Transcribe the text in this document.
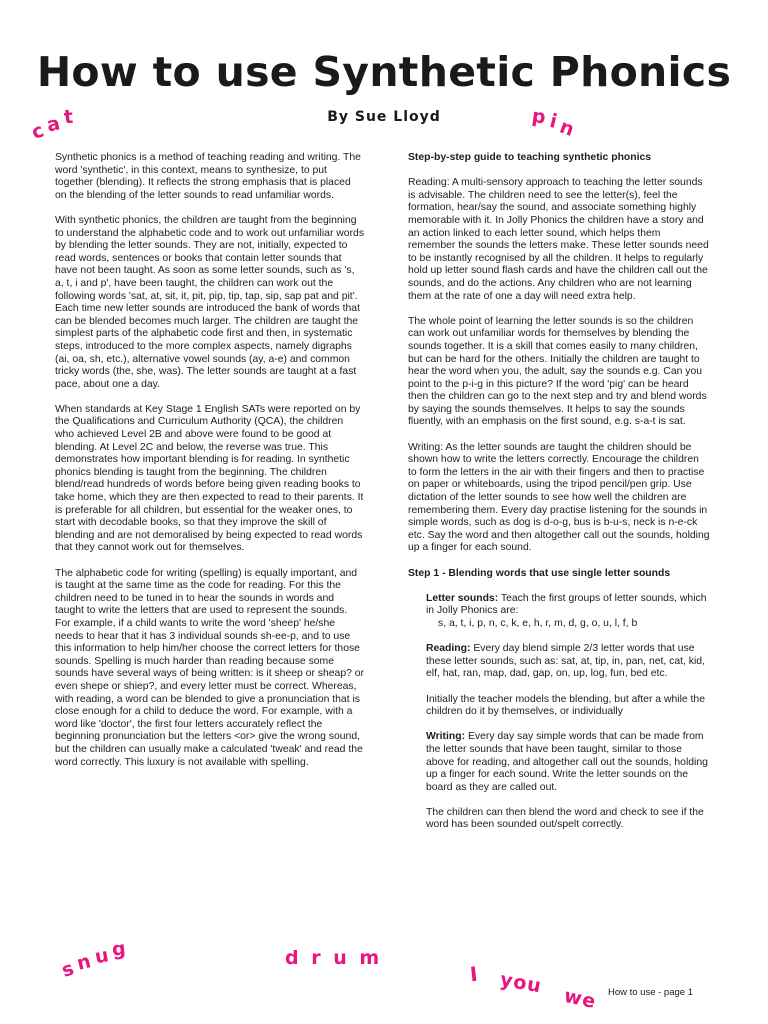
How to use Synthetic Phonics
By Sue Lloyd
cat	pin
snug	d r u m
I you
we

Synthetic phonics is a method of teaching reading and writing. The word 'synthetic', in this context, means to synthesize, to put together (blending). It reflects the strong emphasis that is placed on the blending of the letter sounds to read unfamiliar words.

With synthetic phonics, the children are taught from the beginning to understand the alphabetic code and to work out unfamiliar words by blending the letter sounds. They are not, initially, expected to read words, sentences or books that contain letter sounds that have not been taught. As soon as some letter sounds, such as 's, a, t, i and p', have been taught, the children can work out the following words 'sat, at, sit, it, pit, pip, tip, tap, sip, sap pat and pit'. Each time new letter sounds are introduced the bank of words that can be blended becomes much larger. The children are taught the simplest parts of the alphabetic code first and then, in systematic steps, introduced to the more complex aspects, namely digraphs (ai, oa, sh, etc.), alternative vowel sounds (ay, a-e) and common tricky words (the, she, was). The letter sounds are taught at a fast pace, about one a day.

When standards at Key Stage 1 English SATs were reported on by the Qualifications and Curriculum Authority (QCA), the children who achieved Level 2B and above were found to be good at blending. At Level 2C and below, the reverse was true. This demonstrates how important blending is for reading. In synthetic phonics blending is taught from the beginning. The children blend/read hundreds of words before being given reading books to take home, which they are then expected to read to their parents. It is preferable for all children, but essential for the weaker ones, to start with decodable books, so that they improve the skill of blending and are not demoralised by being expected to read words that they cannot work out for themselves.

The alphabetic code for writing (spelling) is equally important, and is taught at the same time as the code for reading. For this the children need to be tuned in to hear the sounds in words and taught to write the letters that are used to represent the sounds. For example, if a child wants to write the word 'sheep' he/she needs to hear that it has 3 individual sounds sh-ee-p, and to use this information to help him/her choose the correct letters for those sounds. Spelling is much harder than reading because some sounds have several ways of being written: is it sheep or sheap? or even shepe or shiep?, and every letter must be correct. Whereas, with reading, a word can be blended to give a pronunciation that is close enough for a child to deduce the word. For example, with a word like 'doctor', the first four letters accurately reflect the beginning pronunciation but the letters <or> give the wrong sound, but the children can usually make a calculated 'tweak' and read the word correctly. This luxury is not available with spelling.

Step-by-step guide to teaching synthetic phonics

Reading: A multi-sensory approach to teaching the letter sounds is advisable. The children need to see the letter(s), feel the formation, hear/say the sound, and associate something highly memorable with it. In Jolly Phonics the children have a story and an action linked to each letter sound, which helps them remember the sounds the letters make. These letter sounds need to be instantly recognised by all the children. It helps to regularly hold up letter sound flash cards and have the children call out the sounds, and do the actions. Any children who are not learning them at the rate of one a day will need extra help.

The whole point of learning the letter sounds is so the children can work out unfamiliar words for themselves by blending the sounds together. It is a skill that comes easily to many children, but can be hard for the others. Initially the children are taught to hear the word when you, the adult, say the sounds e.g. Can you point to the p-i-g in this picture? If the word 'pig' can be heard then the children can go to the next step and try and blend words by saying the sounds themselves. It helps to say the sounds fluently, with an emphasis on the first sound, e.g. s-a-t is sat.

Writing: As the letter sounds are taught the children should be shown how to write the letters correctly. Encourage the children to form the letters in the air with their fingers and then to practise on paper or whiteboards, using the tripod pencil/pen grip. Use dictation of the letter sounds to see how well the children are remembering them. Every day practise listening for the sounds in simple words, such as dog is d-o-g, bus is b-u-s, neck is n-e-ck etc. Say the word and then altogether call out the sounds, holding up a finger for each sound.

Step 1 - Blending words that use single letter sounds

Letter sounds: Teach the first groups of letter sounds, which in Jolly Phonics are:
s, a, t, i, p, n, c, k, e, h, r, m, d, g, o, u, l, f, b
Reading: Every day blend simple 2/3 letter words that use these letter sounds, such as: sat, at, tip, in, pan, net, cat, kid, elf, hat, ran, map, dad, gap, on, up, log, fun, bed etc.
Initially the teacher models the blending, but after a while the children do it by themselves, or individually
Writing: Every day say simple words that can be made from the letter sounds that have been taught, similar to those above for reading, and altogether call out the sounds, holding up a finger for each sound. Write the letter sounds on the board as they are called out.
The children can then blend the word and check to see if the word has been sounded out/spelt correctly.
How to use - page 1
